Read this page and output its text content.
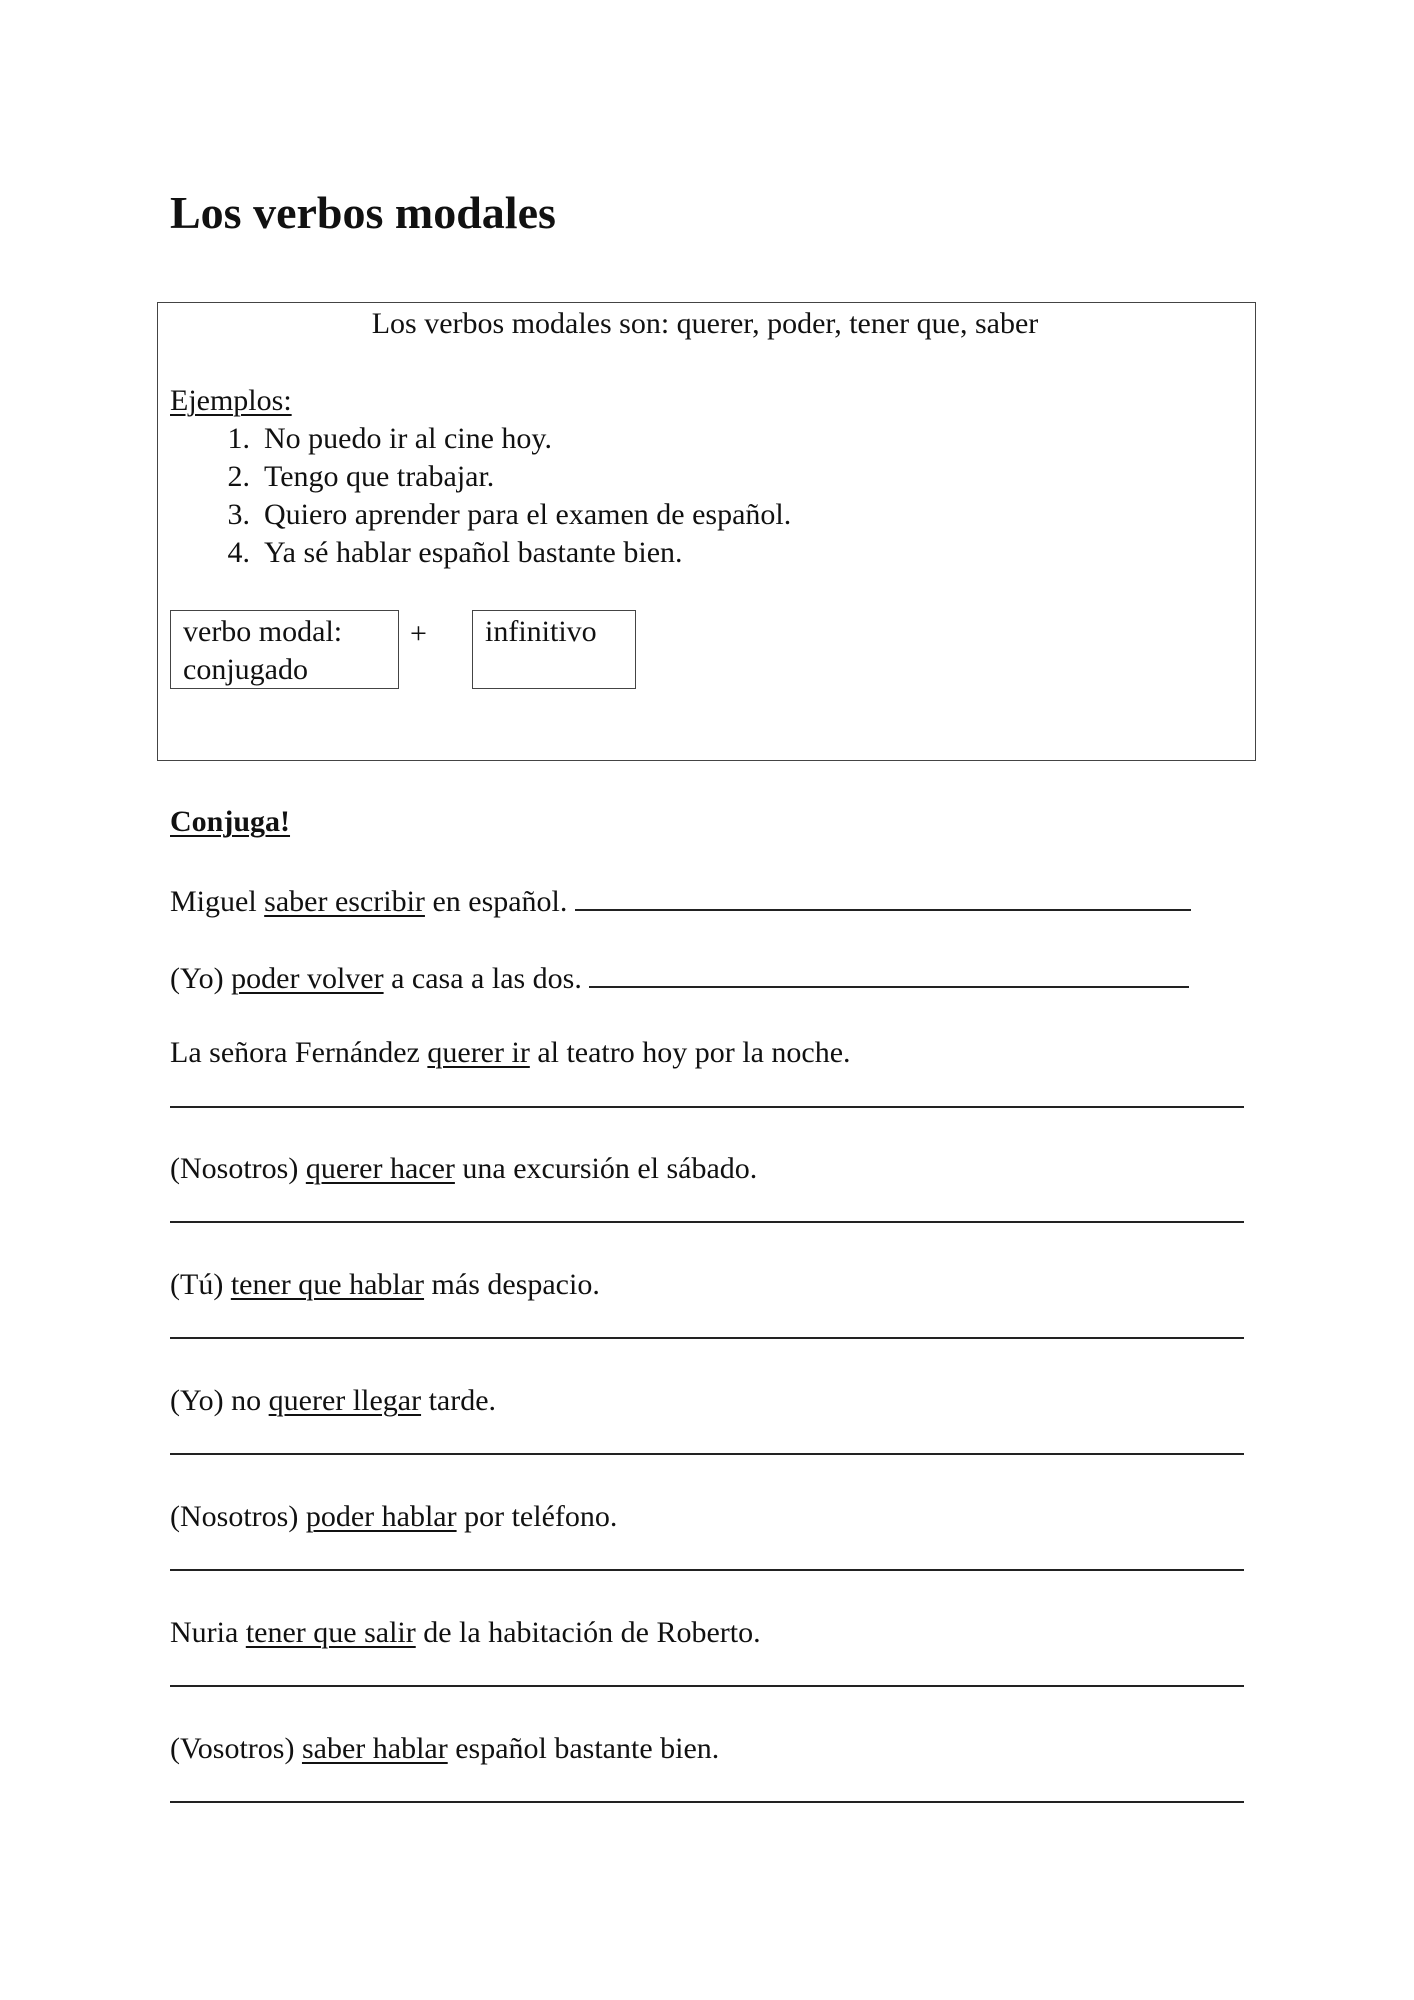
Los verbos modales
Los verbos modales son: querer, poder, tener que, saber
Ejemplos:
1. No puedo ir al cine hoy.
2. Tengo que trabajar.
3. Quiero aprender para el examen de español.
4. Ya sé hablar español bastante bien.
verbo modal:
conjugado
+ infinitivo
Conjuga!
Miguel saber escribir en español.
(Yo) poder volver a casa a las dos.
La señora Fernández querer ir al teatro hoy por la noche.
(Nosotros) querer hacer una excursión el sábado.
(Tú) tener que hablar más despacio.
(Yo) no querer llegar tarde.
(Nosotros) poder hablar por teléfono.
Nuria tener que salir de la habitación de Roberto.
(Vosotros) saber hablar español bastante bien.
